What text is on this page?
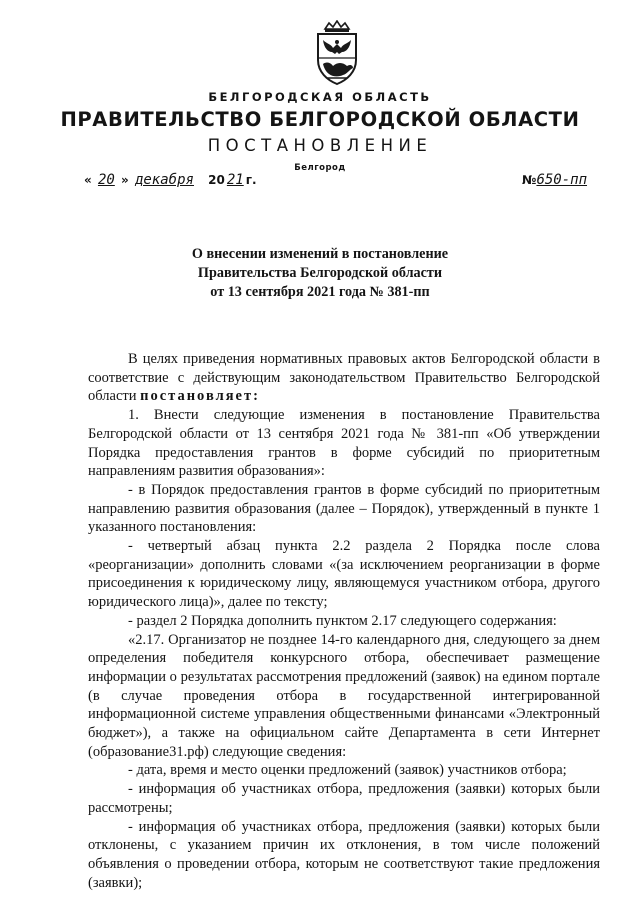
БЕЛГОРОДСКАЯ ОБЛАСТЬ
ПРАВИТЕЛЬСТВО БЕЛГОРОДСКОЙ ОБЛАСТИ
ПОСТАНОВЛЕНИЕ
Белгород
« 20 » декабря 20 21 г.	№650-пп
О внесении изменений в постановление
Правительства Белгородской области
от 13 сентября 2021 года № 381-пп

В целях приведения нормативных правовых актов Белгородской области в соответствие с действующим законодательством Правительство Белгородской области постановляет:

1. Внести следующие изменения в постановление Правительства Белгородской области от 13 сентября 2021 года № 381-пп «Об утверждении Порядка предоставления грантов в форме субсидий по приоритетным направлениям развития образования»:

- в Порядок предоставления грантов в форме субсидий по приоритетным направлению развития образования (далее – Порядок), утвержденный в пункте 1 указанного постановления:

- четвертый абзац пункта 2.2 раздела 2 Порядка после слова «реорганизации» дополнить словами «(за исключением реорганизации в форме присоединения к юридическому лицу, являющемуся участником отбора, другого юридического лица)», далее по тексту;

- раздел 2 Порядка дополнить пунктом 2.17 следующего содержания:

«2.17. Организатор не позднее 14-го календарного дня, следующего за днем определения победителя конкурсного отбора, обеспечивает размещение информации о результатах рассмотрения предложений (заявок) на едином портале (в случае проведения отбора в государственной интегрированной информационной системе управления общественными финансами «Электронный бюджет»), а также на официальном сайте Департамента в сети Интернет (образование31.рф) следующие сведения:

- дата, время и место оценки предложений (заявок) участников отбора;

- информация об участниках отбора, предложения (заявки) которых были рассмотрены;

- информация об участниках отбора, предложения (заявки) которых были отклонены, с указанием причин их отклонения, в том числе положений объявления о проведении отбора, которым не соответствуют такие предложения (заявки);
